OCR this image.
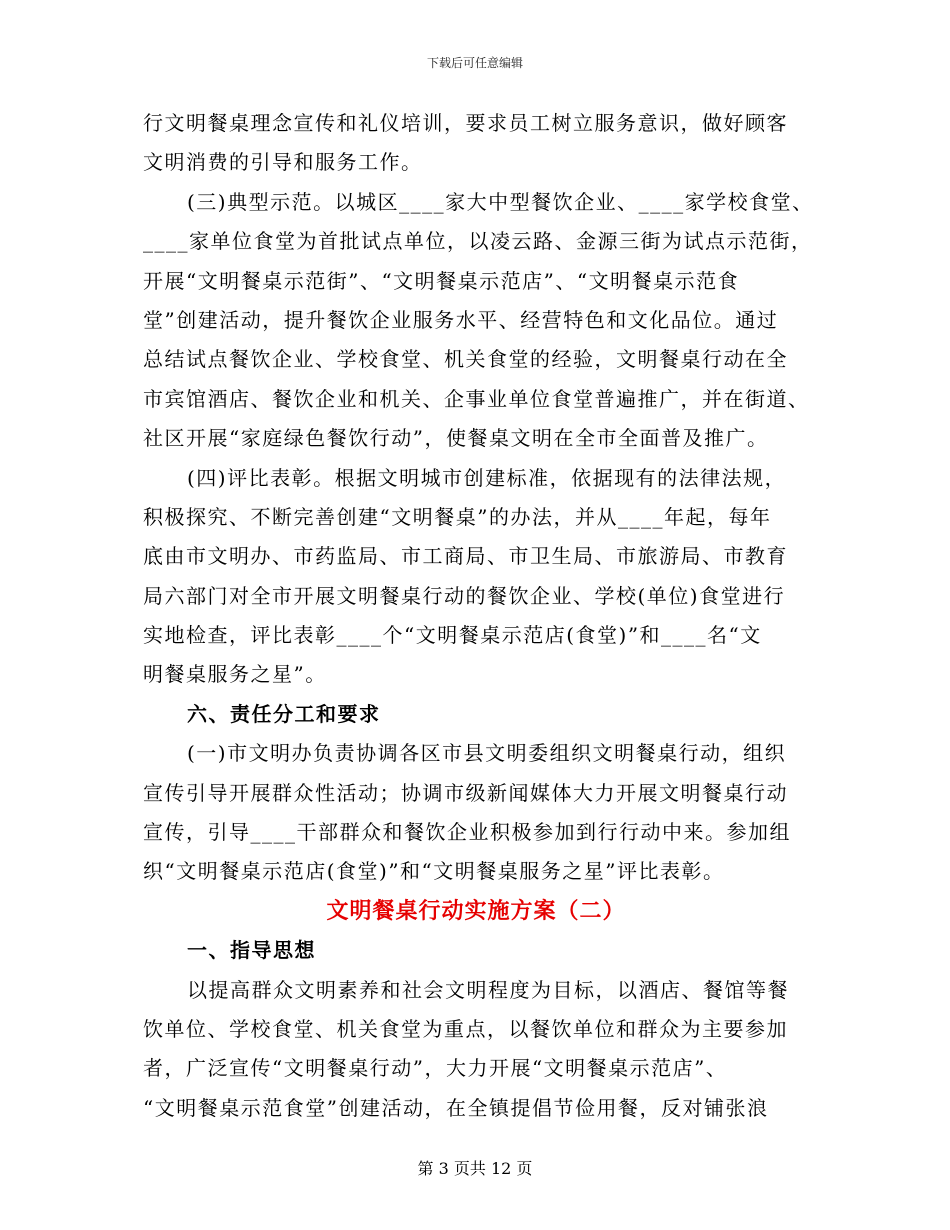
下载后可任意编辑
行文明餐桌理念宣传和礼仪培训，要求员工树立服务意识，做好顾客
文明消费的引导和服务工作。
(三)典型示范。以城区____家大中型餐饮企业、____家学校食堂、
____家单位食堂为首批试点单位，以凌云路、金源三街为试点示范街，
开展“文明餐桌示范街”、“文明餐桌示范店”、“文明餐桌示范食
堂”创建活动，提升餐饮企业服务水平、经营特色和文化品位。通过
总结试点餐饮企业、学校食堂、机关食堂的经验，文明餐桌行动在全
市宾馆酒店、餐饮企业和机关、企事业单位食堂普遍推广，并在街道、
社区开展“家庭绿色餐饮行动”，使餐桌文明在全市全面普及推广。
(四)评比表彰。根据文明城市创建标准，依据现有的法律法规，
积极探究、不断完善创建“文明餐桌”的办法，并从____年起，每年
底由市文明办、市药监局、市工商局、市卫生局、市旅游局、市教育
局六部门对全市开展文明餐桌行动的餐饮企业、学校(单位)食堂进行
实地检查，评比表彰____个“文明餐桌示范店(食堂)”和____名“文
明餐桌服务之星”。
六、责任分工和要求
(一)市文明办负责协调各区市县文明委组织文明餐桌行动，组织
宣传引导开展群众性活动；协调市级新闻媒体大力开展文明餐桌行动
宣传，引导____干部群众和餐饮企业积极参加到行行动中来。参加组
织“文明餐桌示范店(食堂)”和“文明餐桌服务之星”评比表彰。
文明餐桌行动实施方案（二）
一、指导思想
以提高群众文明素养和社会文明程度为目标，以酒店、餐馆等餐
饮单位、学校食堂、机关食堂为重点，以餐饮单位和群众为主要参加
者，广泛宣传“文明餐桌行动”，大力开展“文明餐桌示范店”、
“文明餐桌示范食堂”创建活动，在全镇提倡节俭用餐，反对铺张浪
第 3 页共 12 页
